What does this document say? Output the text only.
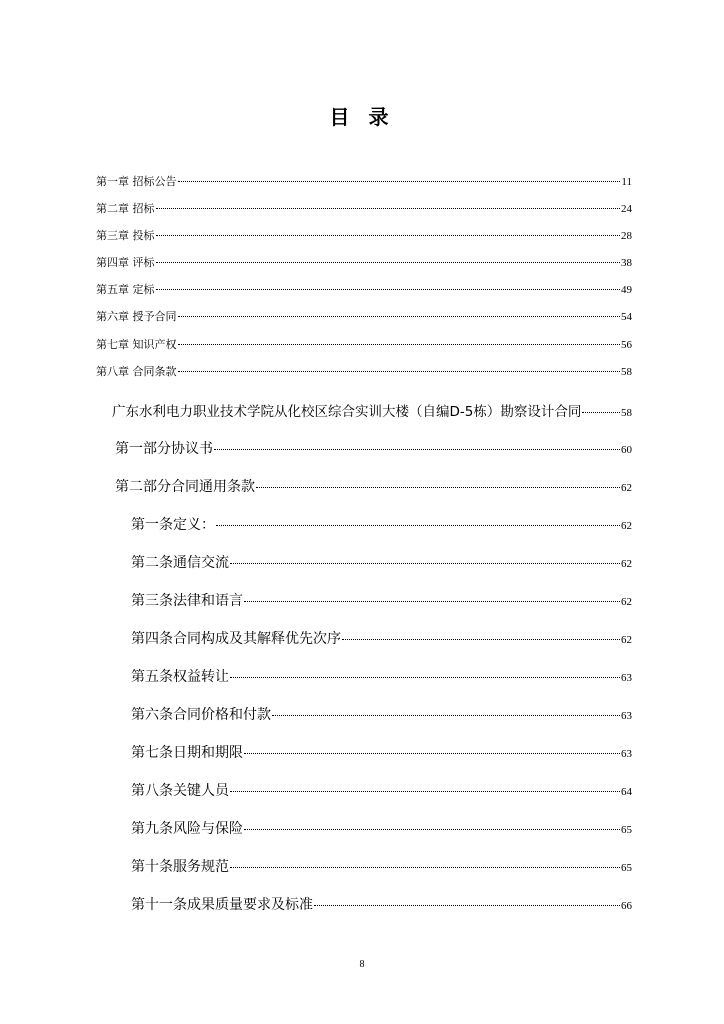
目 录
第一章 招标公告	11
第二章 招标	24
第三章 投标	28
第四章 评标	38
第五章 定标	49
第六章 授予合同	54
第七章 知识产权	56
第八章 合同条款	58
广东水利电力职业技术学院从化校区综合实训大楼（自编D-5栋）勘察设计合同	58
第一部分协议书	60
第二部分合同通用条款	62
第一条定义：	62
第二条通信交流	62
第三条法律和语言	62
第四条合同构成及其解释优先次序	62
第五条权益转让	63
第六条合同价格和付款	63
第七条日期和期限	63
第八条关键人员	64
第九条风险与保险	65
第十条服务规范	65
第十一条成果质量要求及标准	66
8
